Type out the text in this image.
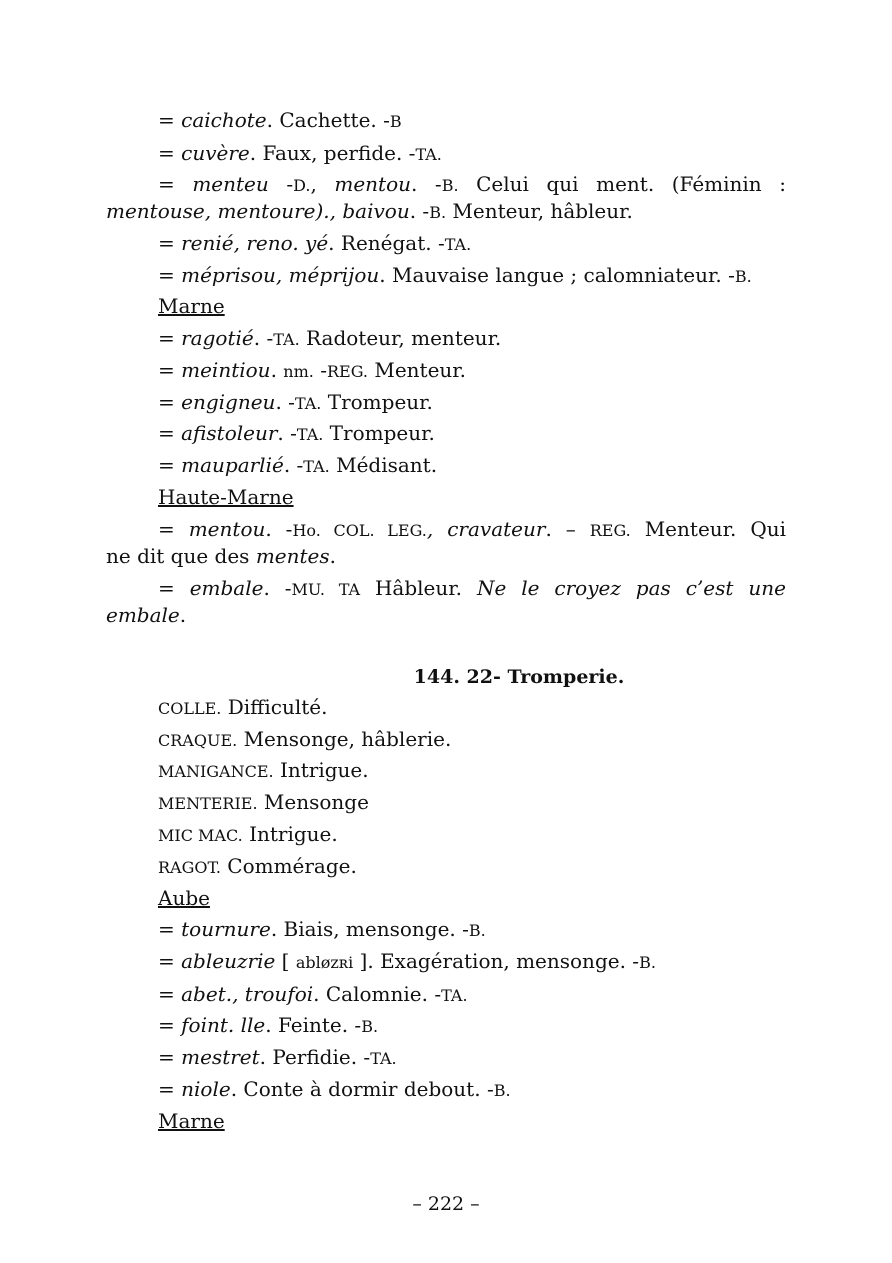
= caichote. Cachette. -B
= cuvère. Faux, perfide. -TA.
= menteu -D., mentou. -B. Celui qui ment. (Féminin :
mentouse, mentoure)., baivou. -B. Menteur, hâbleur.
= renié, reno. yé. Renégat. -TA.
= méprisou, méprijou. Mauvaise langue ; calomniateur. -B.
Marne
= ragotié. -TA. Radoteur, menteur.
= meintiou. nm. -REG. Menteur.
= engigneu. -TA. Trompeur.
= afistoleur. -TA. Trompeur.
= mauparlié. -TA. Médisant.
Haute-Marne
= mentou. -Ho. COL. LEG., cravateur. – REG. Menteur. Qui
ne dit que des mentes.
= embale. -MU. TA Hâbleur. Ne le croyez pas c’est une
embale.
144. 22- Tromperie.
COLLE. Difficulté.
CRAQUE. Mensonge, hâblerie.
MANIGANCE. Intrigue.
MENTERIE. Mensonge
MIC MAC. Intrigue.
RAGOT. Commérage.
Aube
= tournure. Biais, mensonge. -B.
= ableuzrie [ abløzʀi ]. Exagération, mensonge. -B.
= abet., troufoi. Calomnie. -TA.
= foint. lle. Feinte. -B.
= mestret. Perfidie. -TA.
= niole. Conte à dormir debout. -B.
Marne
– 222 –
